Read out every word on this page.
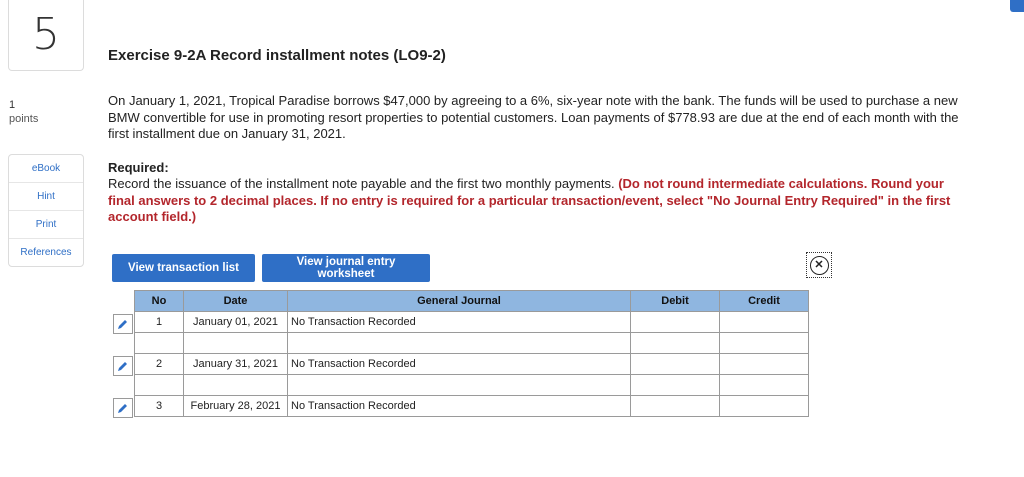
5
1
points
eBook
Hint
Print
References
Exercise 9-2A Record installment notes (LO9-2)
On January 1, 2021, Tropical Paradise borrows $47,000 by agreeing to a 6%, six-year note with the bank. The funds will be used to purchase a new BMW convertible for use in promoting resort properties to potential customers. Loan payments of $778.93 are due at the end of each month with the first installment due on January 31, 2021.
Required:
Record the issuance of the installment note payable and the first two monthly payments. (Do not round intermediate calculations. Round your final answers to 2 decimal places. If no entry is required for a particular transaction/event, select "No Journal Entry Required" in the first account field.)
View transaction list	View journal entry worksheet
✕
No	Date	General Journal	Debit	Credit
1	January 01, 2021	No Transaction Recorded		

2	January 31, 2021	No Transaction Recorded		

3	February 28, 2021	No Transaction Recorded		
